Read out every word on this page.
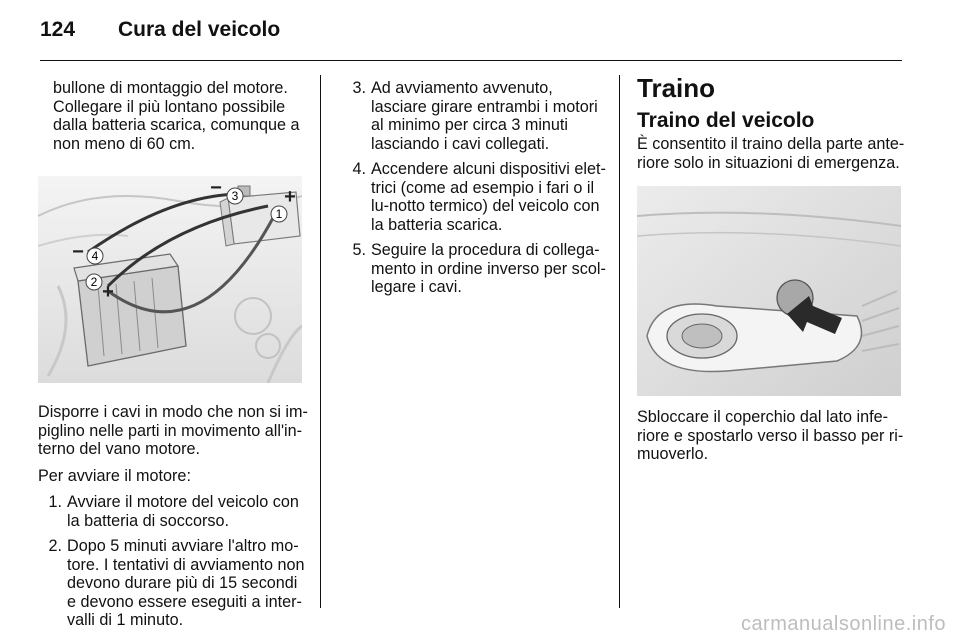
124 Cura del veicolo

bullone di montaggio del motore. Collegare il più lontano possibile dalla batteria scarica, comunque a non meno di 60 cm.

1
2
3
4
+
+
−
−

Disporre i cavi in modo che non si im-piglino nelle parti in movimento all'in-terno del vano motore.

Per avviare il motore:

1. Avviare il motore del veicolo con la batteria di soccorso.
2. Dopo 5 minuti avviare l'altro mo-tore. I tentativi di avviamento non devono durare più di 15 secondi e devono essere eseguiti a inter-valli di 1 minuto.
3. Ad avviamento avvenuto, lasciare girare entrambi i motori al minimo per circa 3 minuti lasciando i cavi collegati.
4. Accendere alcuni dispositivi elet-trici (come ad esempio i fari o il lu-notto termico) del veicolo con la batteria scarica.
5. Seguire la procedura di collega-mento in ordine inverso per scol-legare i cavi.
Traino
Traino del veicolo

È consentito il traino della parte ante-riore solo in situazioni di emergenza.

Sbloccare il coperchio dal lato infe-riore e spostarlo verso il basso per ri-muoverlo.

carmanualsonline.info
